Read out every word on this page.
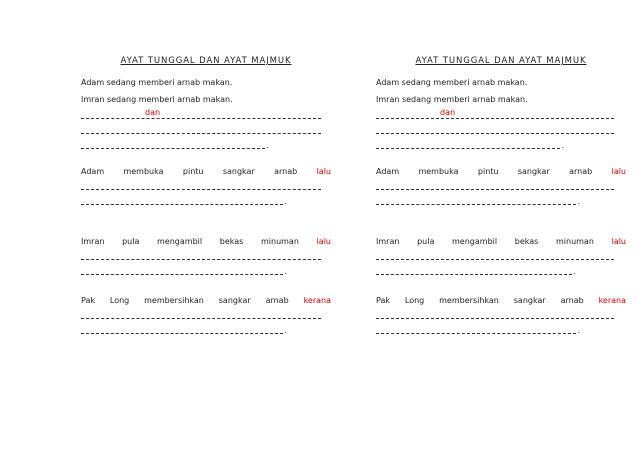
AYAT TUNGGAL DAN AYAT MAJMUK
Adam sedang memberi arnab makan.
Imran sedang memberi arnab makan.
dan
.
Adam membuka pintu sangkar arnab lalu
.
Imran pula mengambil bekas minuman lalu
.
Pak Long membersihkan sangkar arnab kerana
.
AYAT TUNGGAL DAN AYAT MAJMUK
Adam sedang memberi arnab makan.
Imran sedang memberi arnab makan.
dan
.
Adam membuka pintu sangkar arnab lalu
.
Imran pula mengambil bekas minuman lalu
.
Pak Long membersihkan sangkar arnab kerana
.
